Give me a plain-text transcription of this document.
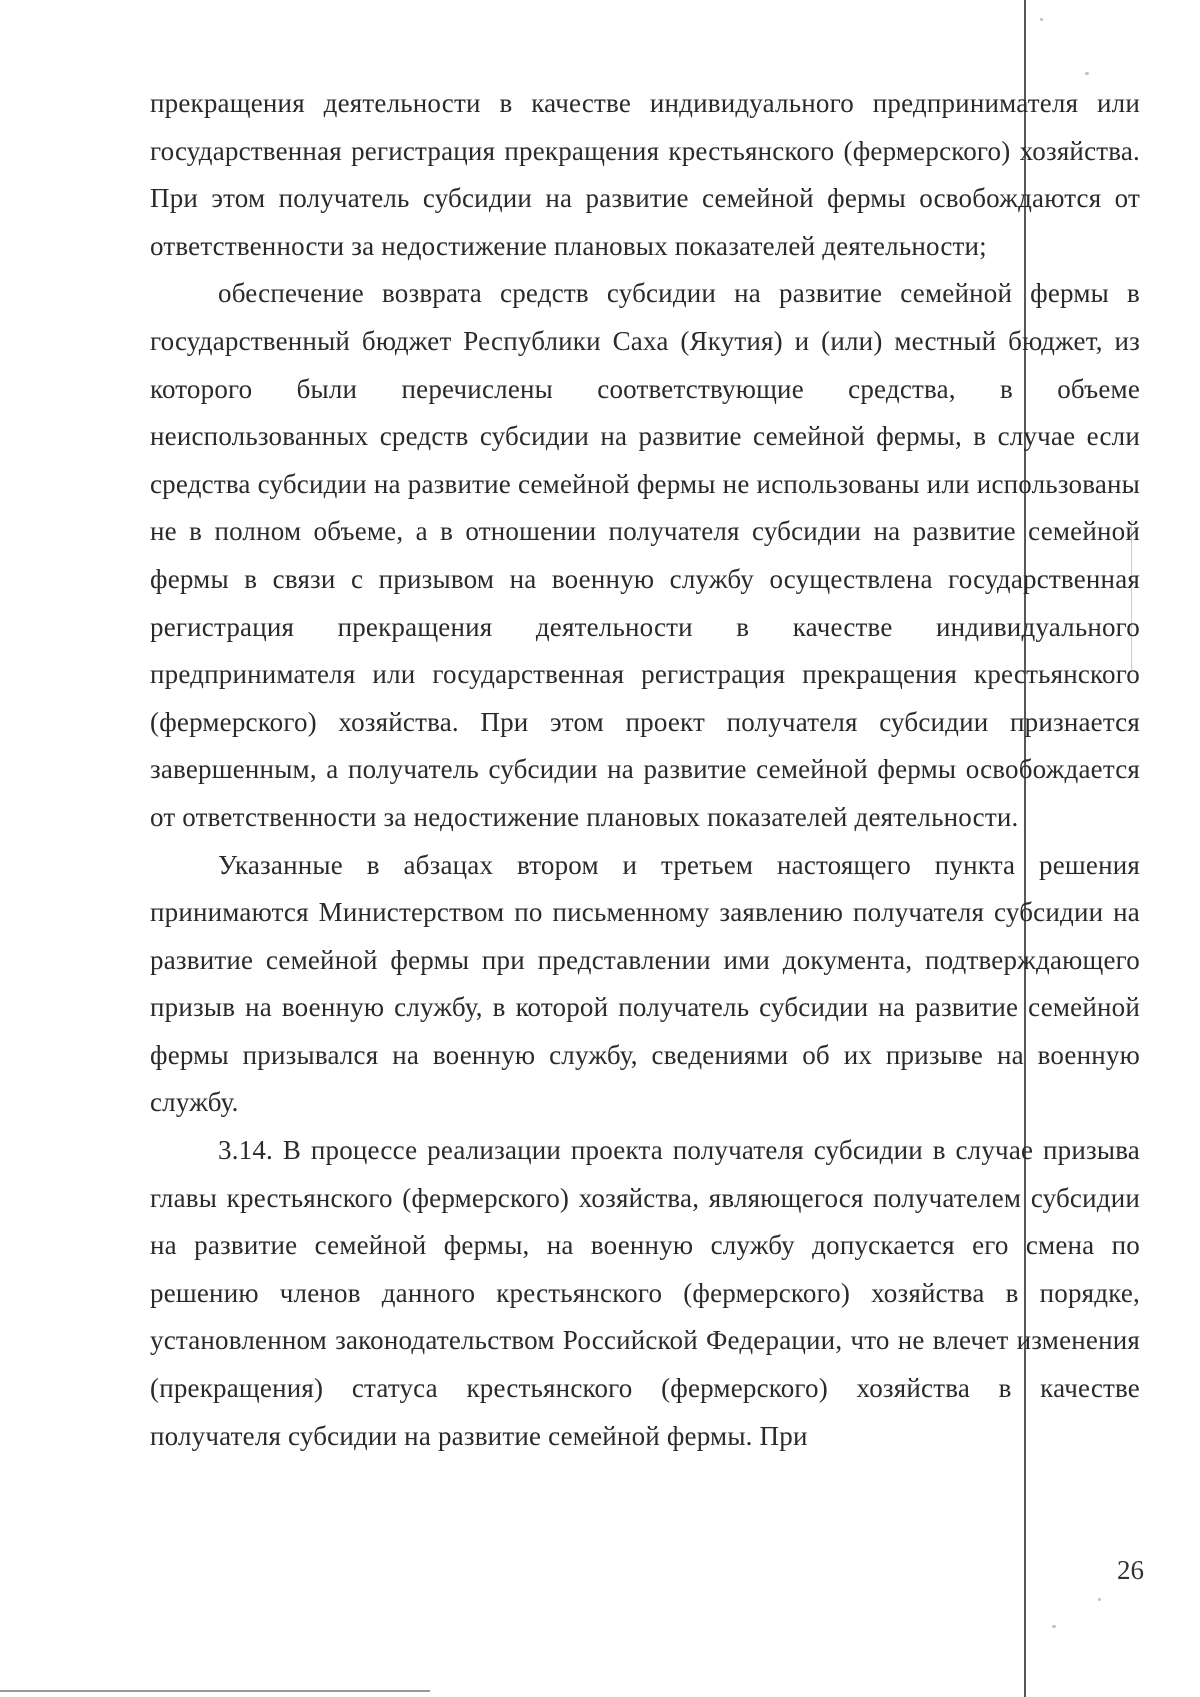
прекращения деятельности в качестве индивидуального предпринимателя или государственная регистрация прекращения крестьянского (фермерского) хозяйства. При этом получатель субсидии на развитие семейной фермы освобождаются от ответственности за недостижение плановых показателей деятельности;

обеспечение возврата средств субсидии на развитие семейной фермы в государственный бюджет Республики Саха (Якутия) и (или) местный бюджет, из которого были перечислены соответствующие средства, в объеме неиспользованных средств субсидии на развитие семейной фермы, в случае если средства субсидии на развитие семейной фермы не использованы или использованы не в полном объеме, а в отношении получателя субсидии на развитие семейной фермы в связи с призывом на военную службу осуществлена государственная регистрация прекращения деятельности в качестве индивидуального предпринимателя или государственная регистрация прекращения крестьянского (фермерского) хозяйства. При этом проект получателя субсидии признается завершенным, а получатель субсидии на развитие семейной фермы освобождается от ответственности за недостижение плановых показателей деятельности.

Указанные в абзацах втором и третьем настоящего пункта решения принимаются Министерством по письменному заявлению получателя субсидии на развитие семейной фермы при представлении ими документа, подтверждающего призыв на военную службу, в которой получатель субсидии на развитие семейной фермы призывался на военную службу, сведениями об их призыве на военную службу.

3.14. В процессе реализации проекта получателя субсидии в случае призыва главы крестьянского (фермерского) хозяйства, являющегося получателем субсидии на развитие семейной фермы, на военную службу допускается его смена по решению членов данного крестьянского (фермерского) хозяйства в порядке, установленном законодательством Российской Федерации, что не влечет изменения (прекращения) статуса крестьянского (фермерского) хозяйства в качестве получателя субсидии на развитие семейной фермы. При

26
